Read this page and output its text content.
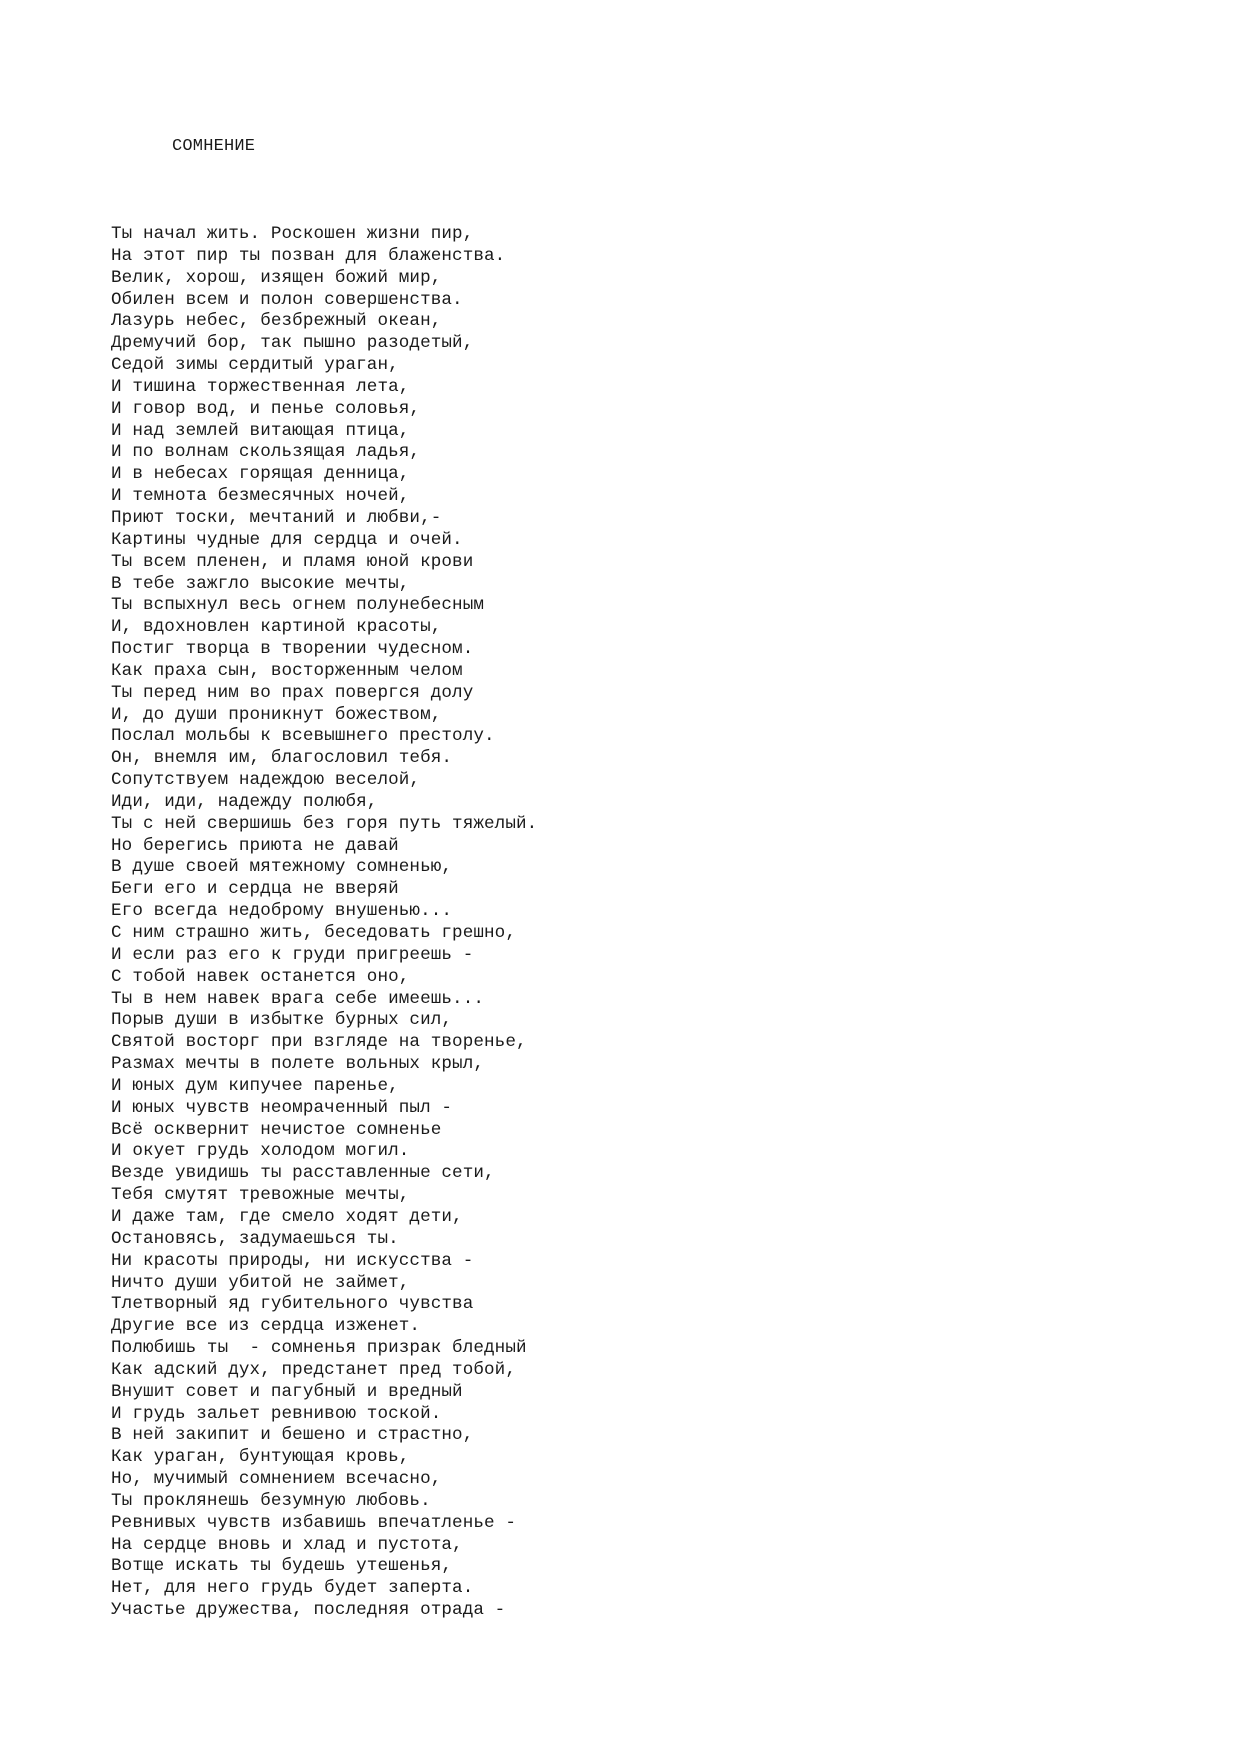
СОМНЕНИЕ
Ты начал жить. Роскошен жизни пир,
На этот пир ты позван для блаженства.
Велик, хорош, изящен божий мир,
Обилен всем и полон совершенства.
Лазурь небес, безбрежный океан,
Дремучий бор, так пышно разодетый,
Седой зимы сердитый ураган,
И тишина торжественная лета,
И говор вод, и пенье соловья,
И над землей витающая птица,
И по волнам скользящая ладья,
И в небесах горящая денница,
И темнота безмесячных ночей,
Приют тоски, мечтаний и любви,-
Картины чудные для сердца и очей.
Ты всем пленен, и пламя юной крови
В тебе зажгло высокие мечты,
Ты вспыхнул весь огнем полунебесным
И, вдохновлен картиной красоты,
Постиг творца в творении чудесном.
Как праха сын, восторженным челом
Ты перед ним во прах повергся долу
И, до души проникнут божеством,
Послал мольбы к всевышнего престолу.
Он, внемля им, благословил тебя.
Сопутствуем надеждою веселой,
Иди, иди, надежду полюбя,
Ты с ней свершишь без горя путь тяжелый.
Но берегись приюта не давай
В душе своей мятежному сомненью,
Беги его и сердца не вверяй
Его всегда недоброму внушенью...
С ним страшно жить, беседовать грешно,
И если раз его к груди пригреешь -
С тобой навек останется оно,
Ты в нем навек врага себе имеешь...
Порыв души в избытке бурных сил,
Святой восторг при взгляде на творенье,
Размах мечты в полете вольных крыл,
И юных дум кипучее паренье,
И юных чувств неомраченный пыл -
Всё осквернит нечистое сомненье
И окует грудь холодом могил.
Везде увидишь ты расставленные сети,
Тебя смутят тревожные мечты,
И даже там, где смело ходят дети,
Остановясь, задумаешься ты.
Ни красоты природы, ни искусства -
Ничто души убитой не займет,
Тлетворный яд губительного чувства
Другие все из сердца изженет.
Полюбишь ты  - сомненья призрак бледный
Как адский дух, предстанет пред тобой,
Внушит совет и пагубный и вредный
И грудь зальет ревнивою тоской.
В ней закипит и бешено и страстно,
Как ураган, бунтующая кровь,
Но, мучимый сомнением всечасно,
Ты проклянешь безумную любовь.
Ревнивых чувств избавишь впечатленье -
На сердце вновь и хлад и пустота,
Вотще искать ты будешь утешенья,
Нет, для него грудь будет заперта.
Участье дружества, последняя отрада -
